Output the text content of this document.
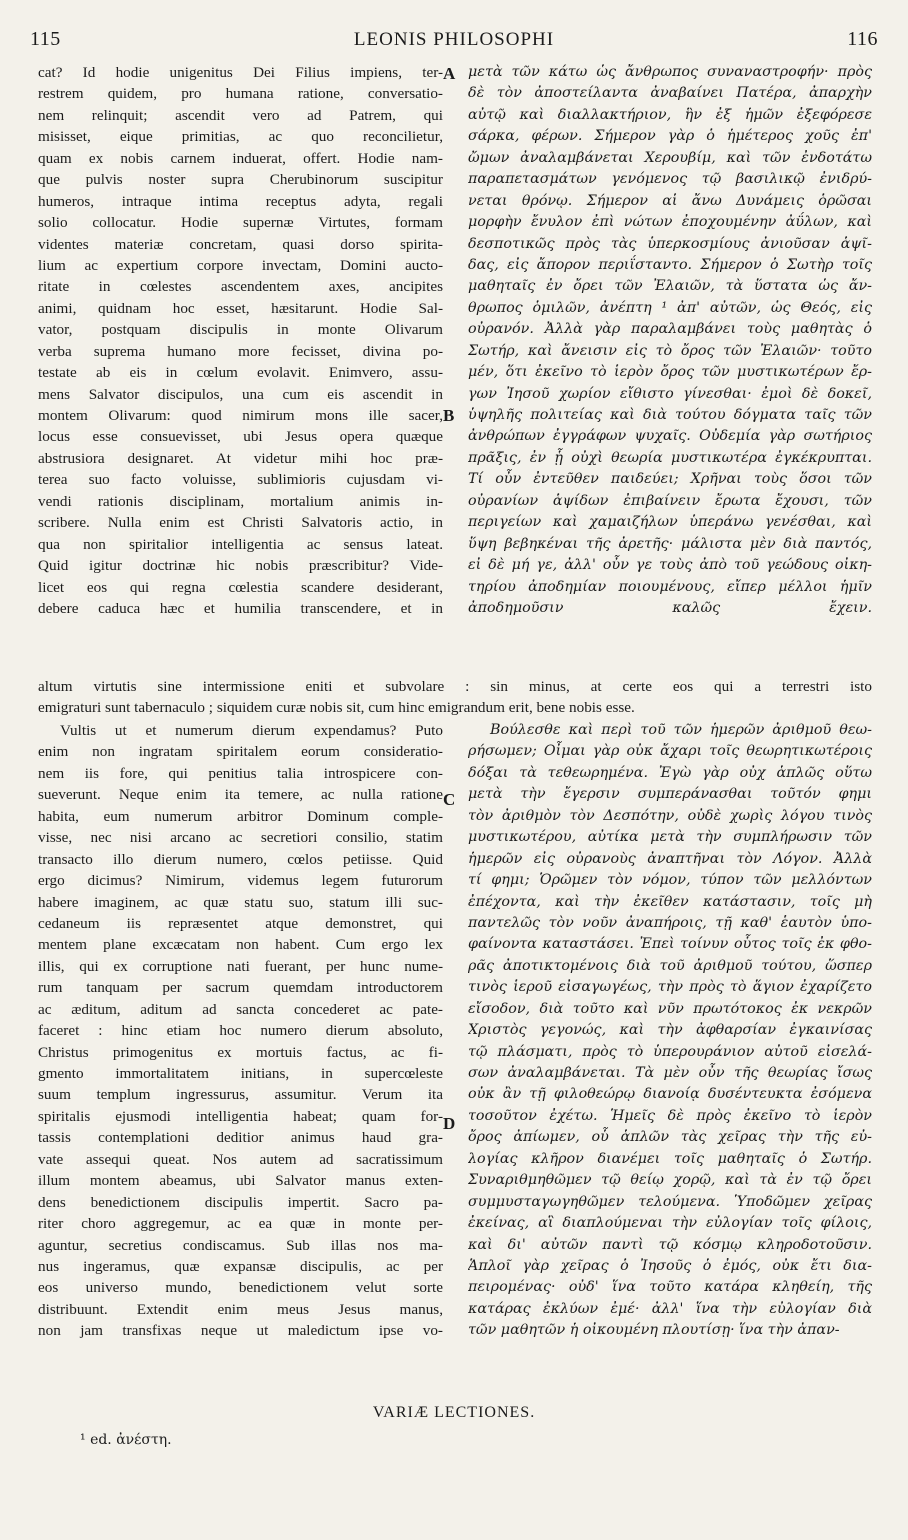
115	LEONIS PHILOSOPHI	116
cat? Id hodie unigenitus Dei Filius impiens, ter-
restrem quidem, pro humana ratione, conversatio-
nem relinquit; ascendit vero ad Patrem, qui
misisset, eique primitias, ac quo reconcilietur,
quam ex nobis carnem induerat, offert. Hodie nam-
que pulvis noster supra Cherubinorum suscipitur
humeros, intraque intima receptus adyta, regali
solio collocatur. Hodie supernæ Virtutes, formam
videntes materiæ concretam, quasi dorso spirita-
lium ac expertium corpore invectam, Domini aucto-
ritate in cœlestes ascendentem axes, ancipites
animi, quidnam hoc esset, hæsitarunt. Hodie Sal-
vator, postquam discipulis in monte Olivarum
verba suprema humano more fecisset, divina po-
testate ab eis in cœlum evolavit. Enimvero, assu-
mens Salvator discipulos, una cum eis ascendit in
montem Olivarum: quod nimirum mons ille sacer,
locus esse consuevisset, ubi Jesus opera quæque
abstrusiora designaret. At videtur mihi hoc præ-
terea suo facto voluisse, sublimioris cujusdam vi-
vendi rationis disciplinam, mortalium animis in-
scribere. Nulla enim est Christi Salvatoris actio, in
qua non spiritalior intelligentia ac sensus lateat.
Quid igitur doctrinæ hic nobis præscribitur? Vide-
licet eos qui regna cœlestia scandere desiderant,
debere caduca hæc et humilia transcendere, et in
μετὰ τῶν κάτω ὡς ἄνθρωπος συναναστροφήν· πρὸς
δὲ τὸν ἀποστείλαντα ἀναβαίνει Πατέρα, ἀπαρχὴν
αὐτῷ καὶ διαλλακτήριον, ἣν ἐξ ἡμῶν ἐξεφόρεσε
σάρκα, φέρων. Σήμερον γὰρ ὁ ἡμέτερος χοῦς ἐπ'
ὤμων ἀναλαμβάνεται Χερουβίμ, καὶ τῶν ἐνδοτάτω
παραπετασμάτων γενόμενος τῷ βασιλικῷ ἐνιδρύ-
νεται θρόνῳ. Σήμερον αἱ ἄνω Δυνάμεις ὁρῶσαι
μορφὴν ἔνυλον ἐπὶ νώτων ἐποχουμένην ἀΰλων, καὶ
δεσποτικῶς πρὸς τὰς ὑπερκοσμίους ἀνιοῦσαν ἁψῖ-
δας, εἰς ἄπορον περιΐσταντο. Σήμερον ὁ Σωτὴρ τοῖς
μαθηταῖς ἐν ὄρει τῶν Ἐλαιῶν, τὰ ὕστατα ὡς ἄν-
θρωπος ὁμιλῶν, ἀνέπτη ¹ ἀπ' αὐτῶν, ὡς Θεός, εἰς
οὐρανόν. Ἀλλὰ γὰρ παραλαμβάνει τοὺς μαθητὰς ὁ
Σωτήρ, καὶ ἄνεισιν εἰς τὸ ὄρος τῶν Ἐλαιῶν· τοῦτο
μέν, ὅτι ἐκεῖνο τὸ ἱερὸν ὄρος τῶν μυστικωτέρων ἔρ-
γων Ἰησοῦ χωρίον εἴθιστο γίνεσθαι· ἐμοὶ δὲ δοκεῖ,
ὑψηλῆς πολιτείας καὶ διὰ τούτου δόγματα ταῖς τῶν
ἀνθρώπων ἐγγράφων ψυχαῖς. Οὐδεμία γὰρ σωτήριος
πρᾶξις, ἐν ᾗ οὐχὶ θεωρία μυστικωτέρα ἐγκέκρυπται.
Τί οὖν ἐντεῦθεν παιδεύει; Χρῆναι τοὺς ὅσοι τῶν
οὐρανίων ἁψίδων ἐπιβαίνειν ἔρωτα ἔχουσι, τῶν
περιγείων καὶ χαμαιζήλων ὑπεράνω γενέσθαι, καὶ
ὕψη βεβηκέναι τῆς ἀρετῆς· μάλιστα μὲν διὰ παντός,
εἰ δὲ μή γε, ἀλλ' οὖν γε τοὺς ἀπὸ τοῦ γεώδους οἰκη-
τηρίου ἀποδημίαν ποιουμένους, εἴπερ μέλλοι ἡμῖν
ἀποδημοῦσιν καλῶς ἔχειν.
A
B
C
D
altum virtutis sine intermissione eniti et subvolare : sin minus, at certe eos qui a terrestri isto
emigraturi sunt tabernaculo ; siquidem curæ nobis sit, cum hinc emigrandum erit, bene nobis esse.
Vultis ut et numerum dierum expendamus? Puto
enim non ingratam spiritalem eorum consideratio-
nem iis fore, qui penitius talia introspicere con-
sueverunt. Neque enim ita temere, ac nulla ratione
habita, eum numerum arbitror Dominum comple-
visse, nec nisi arcano ac secretiori consilio, statim
transacto illo dierum numero, cœlos petiisse. Quid
ergo dicimus? Nimirum, videmus legem futurorum
habere imaginem, ac quæ statu suo, statum illi suc-
cedaneum iis repræsentet atque demonstret, qui
mentem plane excæcatam non habent. Cum ergo lex
illis, qui ex corruptione nati fuerant, per hunc nume-
rum tanquam per sacrum quemdam introductorem
ac æditum, aditum ad sancta concederet ac pate-
faceret : hinc etiam hoc numero dierum absoluto,
Christus primogenitus ex mortuis factus, ac fi-
gmento immortalitatem initians, in supercœleste
suum templum ingressurus, assumitur. Verum ita
spiritalis ejusmodi intelligentia habeat; quam for-
tassis contemplationi deditior animus haud gra-
vate assequi queat. Nos autem ad sacratissimum
illum montem abeamus, ubi Salvator manus exten-
dens benedictionem discipulis impertit. Sacro pa-
riter choro aggregemur, ac ea quæ in monte per-
aguntur, secretius condiscamus. Sub illas nos ma-
nus ingeramus, quæ expansæ discipulis, ac per
eos universo mundo, benedictionem velut sorte
distribuunt. Extendit enim meus Jesus manus,
non jam transfixas neque ut maledictum ipse vo-
Βούλεσθε καὶ περὶ τοῦ τῶν ἡμερῶν ἀριθμοῦ θεω-
ρήσωμεν; Οἶμαι γὰρ οὐκ ἄχαρι τοῖς θεωρητικωτέροις
δόξαι τὰ τεθεωρημένα. Ἐγὼ γὰρ οὐχ ἁπλῶς οὕτω
μετὰ τὴν ἔγερσιν συμπεράνασθαι τοῦτόν φημι
τὸν ἀριθμὸν τὸν Δεσπότην, οὐδὲ χωρὶς λόγου τινὸς
μυστικωτέρου, αὐτίκα μετὰ τὴν συμπλήρωσιν τῶν
ἡμερῶν εἰς οὐρανοὺς ἀναπτῆναι τὸν Λόγον. Ἀλλὰ
τί φημι; Ὁρῶμεν τὸν νόμον, τύπον τῶν μελλόντων
ἐπέχοντα, καὶ τὴν ἐκεῖθεν κατάστασιν, τοῖς μὴ
παντελῶς τὸν νοῦν ἀναπήροις, τῇ καθ' ἑαυτὸν ὑπο-
φαίνοντα καταστάσει. Ἐπεὶ τοίνυν οὗτος τοῖς ἐκ φθο-
ρᾶς ἀποτικτομένοις διὰ τοῦ ἀριθμοῦ τούτου, ὥσπερ
τινὸς ἱεροῦ εἰσαγωγέως, τὴν πρὸς τὸ ἅγιον ἐχαρίζετο
εἴσοδον, διὰ τοῦτο καὶ νῦν πρωτότοκος ἐκ νεκρῶν
Χριστὸς γεγονώς, καὶ τὴν ἀφθαρσίαν ἐγκαινίσας
τῷ πλάσματι, πρὸς τὸ ὑπερουράνιον αὐτοῦ εἰσελά-
σων ἀναλαμβάνεται. Τὰ μὲν οὖν τῆς θεωρίας ἴσως
οὐκ ἂν τῇ φιλοθεώρῳ διανοίᾳ δυσέντευκτα ἐσόμενα
τοσοῦτον ἐχέτω. Ἡμεῖς δὲ πρὸς ἐκεῖνο τὸ ἱερὸν
ὄρος ἀπίωμεν, οὗ ἁπλῶν τὰς χεῖρας τὴν τῆς εὐ-
λογίας κλῆρον διανέμει τοῖς μαθηταῖς ὁ Σωτήρ.
Συναριθμηθῶμεν τῷ θείῳ χορῷ, καὶ τὰ ἐν τῷ ὄρει
συμμυσταγωγηθῶμεν τελούμενα. Ὑποδῶμεν χεῖρας
ἐκείνας, αἳ διαπλούμεναι τὴν εὐλογίαν τοῖς φίλοις,
καὶ δι' αὐτῶν παντὶ τῷ κόσμῳ κληροδοτοῦσιν.
Ἁπλοῖ γὰρ χεῖρας ὁ Ἰησοῦς ὁ ἐμός, οὐκ ἔτι δια-
πειρομένας· οὐδ' ἵνα τοῦτο κατάρα κληθείη, τῆς
κατάρας ἐκλύων ἐμέ· ἀλλ' ἵνα τὴν εὐλογίαν διὰ
τῶν μαθητῶν ἡ οἰκουμένη πλουτίσῃ· ἵνα τὴν ἀπαν-
VARIÆ LECTIONES.
¹ ed. ἀνέστη.
